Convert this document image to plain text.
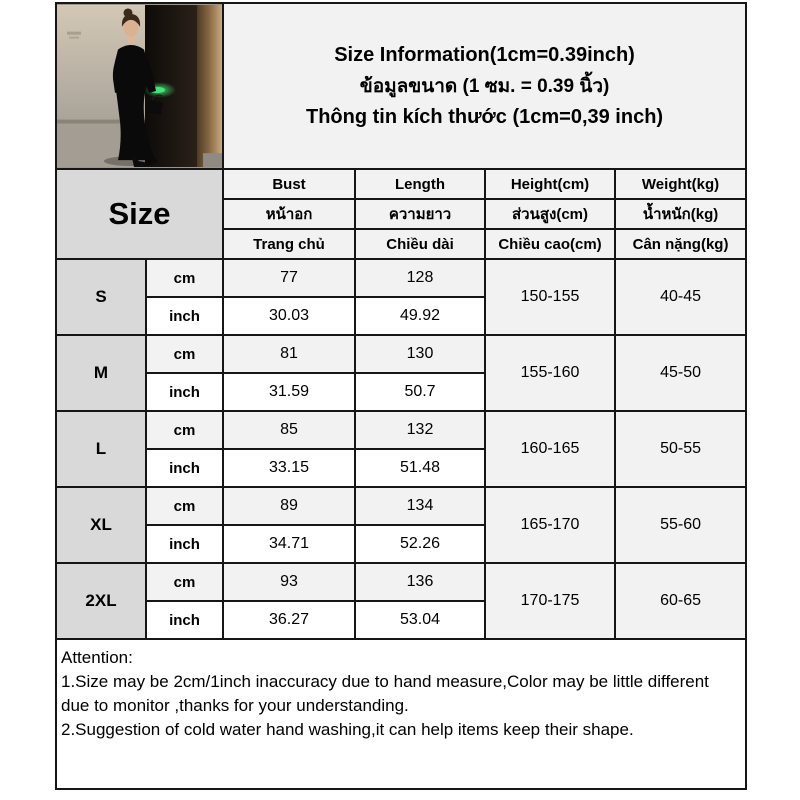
Size Information(1cm=0.39inch)
ข้อมูลขนาด (1 ซม. = 0.39 นิ้ว)
Thông tin kích thước (1cm=0,39 inch)			

Size		Bust	Length	Height(cm)	Weight(kg)
		หน้าอก	ความยาว	ส่วนสูง(cm)	น้ำหนัก(kg)
		Trang chủ	Chiều dài	Chiều cao(cm)	Cân nặng(kg)
S	cm	77	128	150-155	40-45
	inch	30.03	49.92		
M	cm	81	130	155-160	45-50
	inch	31.59	50.7		
L	cm	85	132	160-165	50-55
	inch	33.15	51.48		
XL	cm	89	134	165-170	55-60
	inch	34.71	52.26		
2XL	cm	93	136	170-175	60-65
	inch	36.27	53.04		

Attention:
1.Size may be 2cm/1inch inaccuracy due to hand measure,Color may be little different due to monitor ,thanks for your understanding.
2.Suggestion of cold water hand washing,it can help items keep their shape.					
